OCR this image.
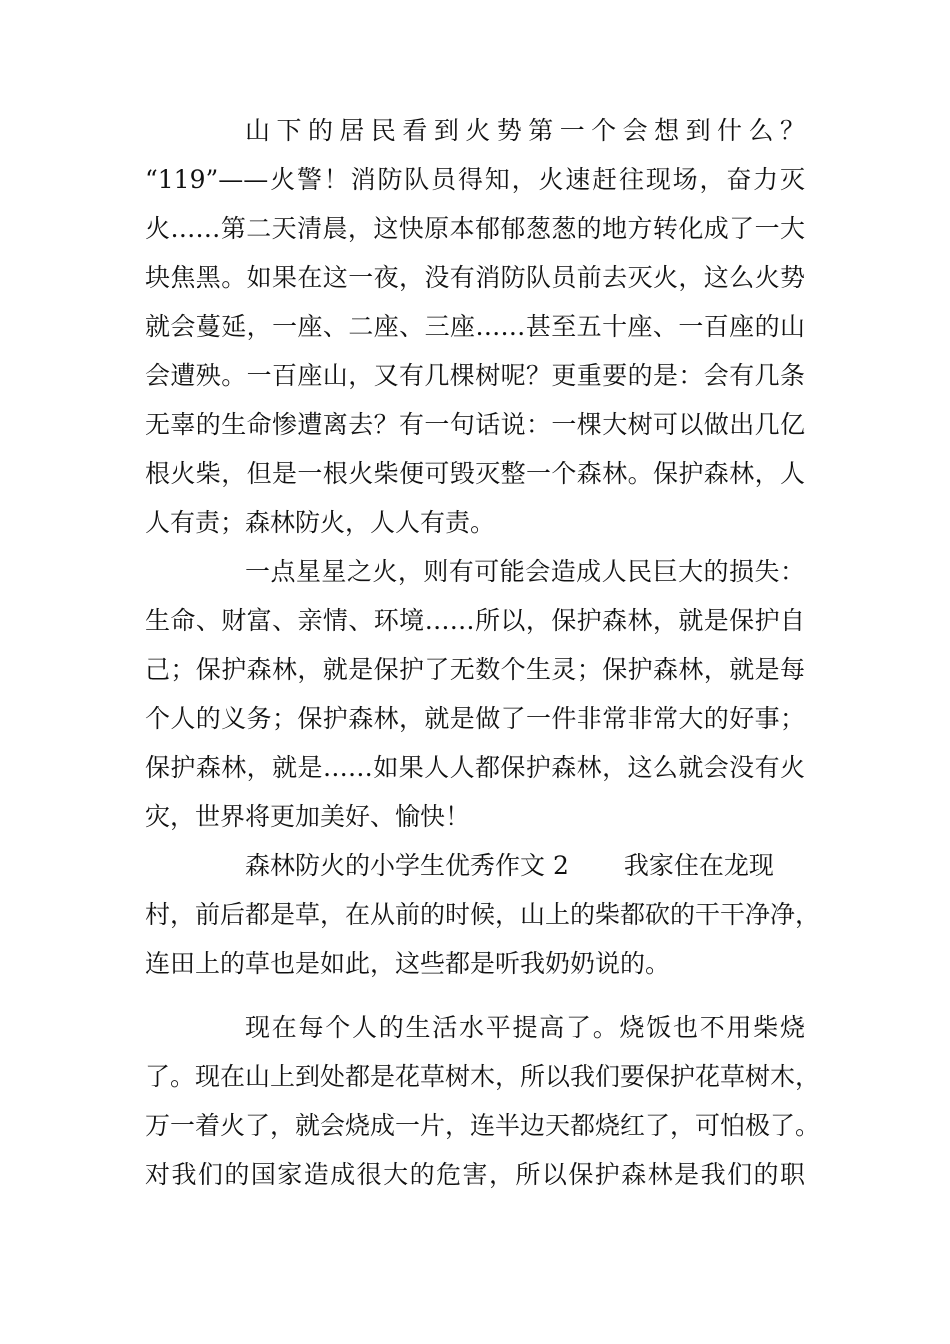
山下的居民看到火势第一个会想到什么？
“119”——火警！消防队员得知，火速赶往现场，奋力灭
火……第二天清晨，这快原本郁郁葱葱的地方转化成了一大
块焦黑。如果在这一夜，没有消防队员前去灭火，这么火势
就会蔓延，一座、二座、三座……甚至五十座、一百座的山
会遭殃。一百座山，又有几棵树呢？更重要的是：会有几条
无辜的生命惨遭离去？有一句话说：一棵大树可以做出几亿
根火柴，但是一根火柴便可毁灭整一个森林。保护森林，人
人有责；森林防火，人人有责。
一点星星之火，则有可能会造成人民巨大的损失：
生命、财富、亲情、环境……所以，保护森林，就是保护自
己；保护森林，就是保护了无数个生灵；保护森林，就是每
个人的义务；保护森林，就是做了一件非常非常大的好事；
保护森林，就是……如果人人都保护森林，这么就会没有火
灾，世界将更加美好、愉快！
森林防火的小学生优秀作文 2 我家住在龙现
村，前后都是草，在从前的时候，山上的柴都砍的干干净净，
连田上的草也是如此，这些都是听我奶奶说的。
现在每个人的生活水平提高了。烧饭也不用柴烧
了。现在山上到处都是花草树木，所以我们要保护花草树木，
万一着火了，就会烧成一片，连半边天都烧红了，可怕极了。
对我们的国家造成很大的危害，所以保护森林是我们的职
